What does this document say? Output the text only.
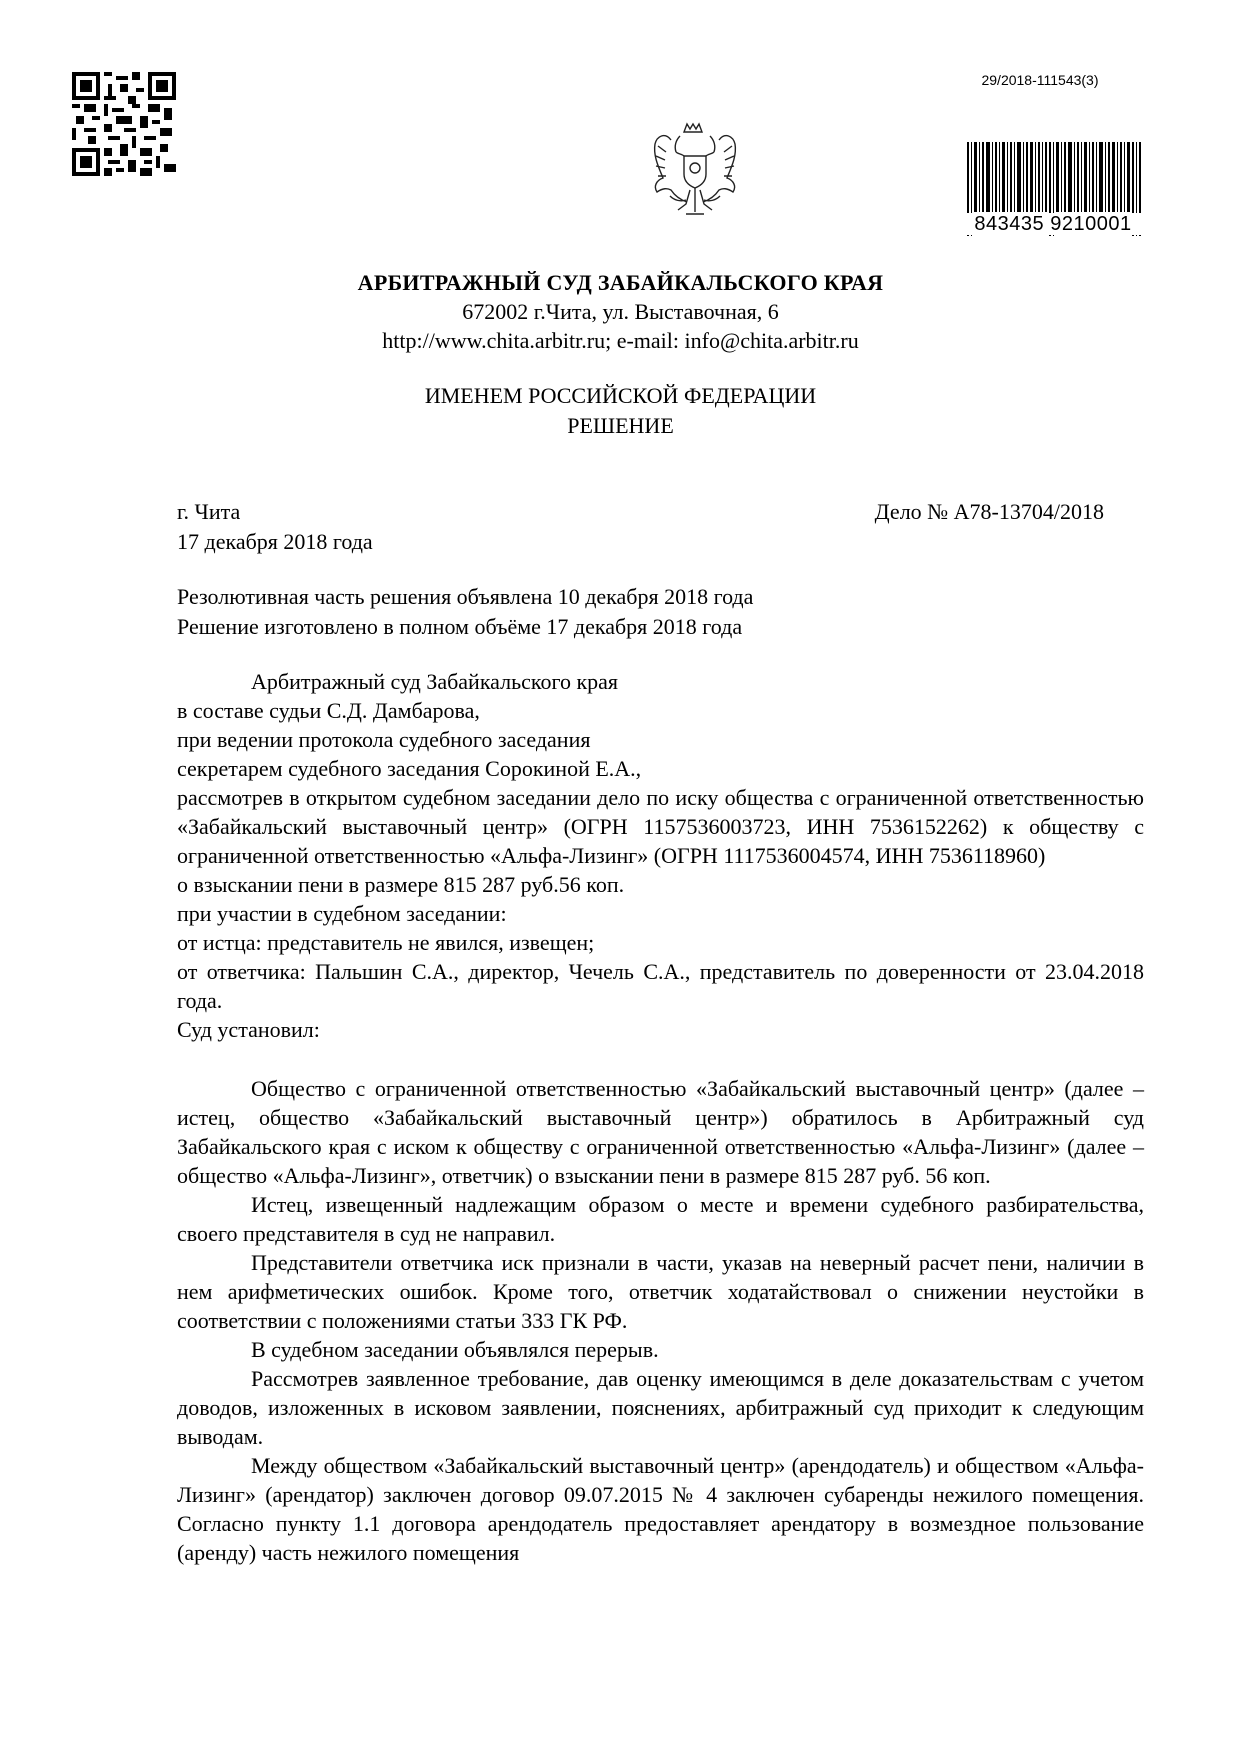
29/2018-111543(3)
843435 9210001
АРБИТРАЖНЫЙ СУД ЗАБАЙКАЛЬСКОГО КРАЯ
672002 г.Чита, ул. Выставочная, 6
http://www.chita.arbitr.ru; e-mail: info@chita.arbitr.ru
ИМЕНЕМ РОССИЙСКОЙ ФЕДЕРАЦИИ
РЕШЕНИЕ
г. Чита
17 декабря 2018 года
Дело № А78-13704/2018
Резолютивная часть решения объявлена 10 декабря 2018 года
Решение изготовлено в полном объёме 17 декабря 2018 года

Арбитражный суд Забайкальского края

в составе судьи С.Д. Дамбарова,

при ведении протокола судебного заседания

секретарем судебного заседания Сорокиной Е.А.,

рассмотрев в открытом судебном заседании дело по иску общества с ограниченной ответственностью «Забайкальский выставочный центр» (ОГРН 1157536003723, ИНН 7536152262) к обществу с ограниченной ответственностью «Альфа-Лизинг» (ОГРН 1117536004574, ИНН 7536118960)

о взыскании пени в размере 815 287 руб.56 коп.

при участии в судебном заседании:

от истца: представитель не явился, извещен;

от ответчика: Пальшин С.А., директор, Чечель С.А., представитель по доверенности от 23.04.2018 года.

Суд установил:

Общество с ограниченной ответственностью «Забайкальский выставочный центр» (далее – истец, общество «Забайкальский выставочный центр») обратилось в Арбитражный суд Забайкальского края с иском к обществу с ограниченной ответственностью «Альфа-Лизинг» (далее – общество «Альфа-Лизинг», ответчик) о взыскании пени в размере 815 287 руб. 56 коп.

Истец, извещенный надлежащим образом о месте и времени судебного разбирательства, своего представителя в суд не направил.

Представители ответчика иск признали в части, указав на неверный расчет пени, наличии в нем арифметических ошибок. Кроме того, ответчик ходатайствовал о снижении неустойки в соответствии с положениями статьи 333 ГК РФ.

В судебном заседании объявлялся перерыв.

Рассмотрев заявленное требование, дав оценку имеющимся в деле доказательствам с учетом доводов, изложенных в исковом заявлении, пояснениях, арбитражный суд приходит к следующим выводам.

Между обществом «Забайкальский выставочный центр» (арендодатель) и обществом «Альфа-Лизинг» (арендатор) заключен договор 09.07.2015 № 4 заключен субаренды нежилого помещения. Согласно пункту 1.1 договора арендодатель предоставляет арендатору в возмездное пользование (аренду) часть нежилого помещения
